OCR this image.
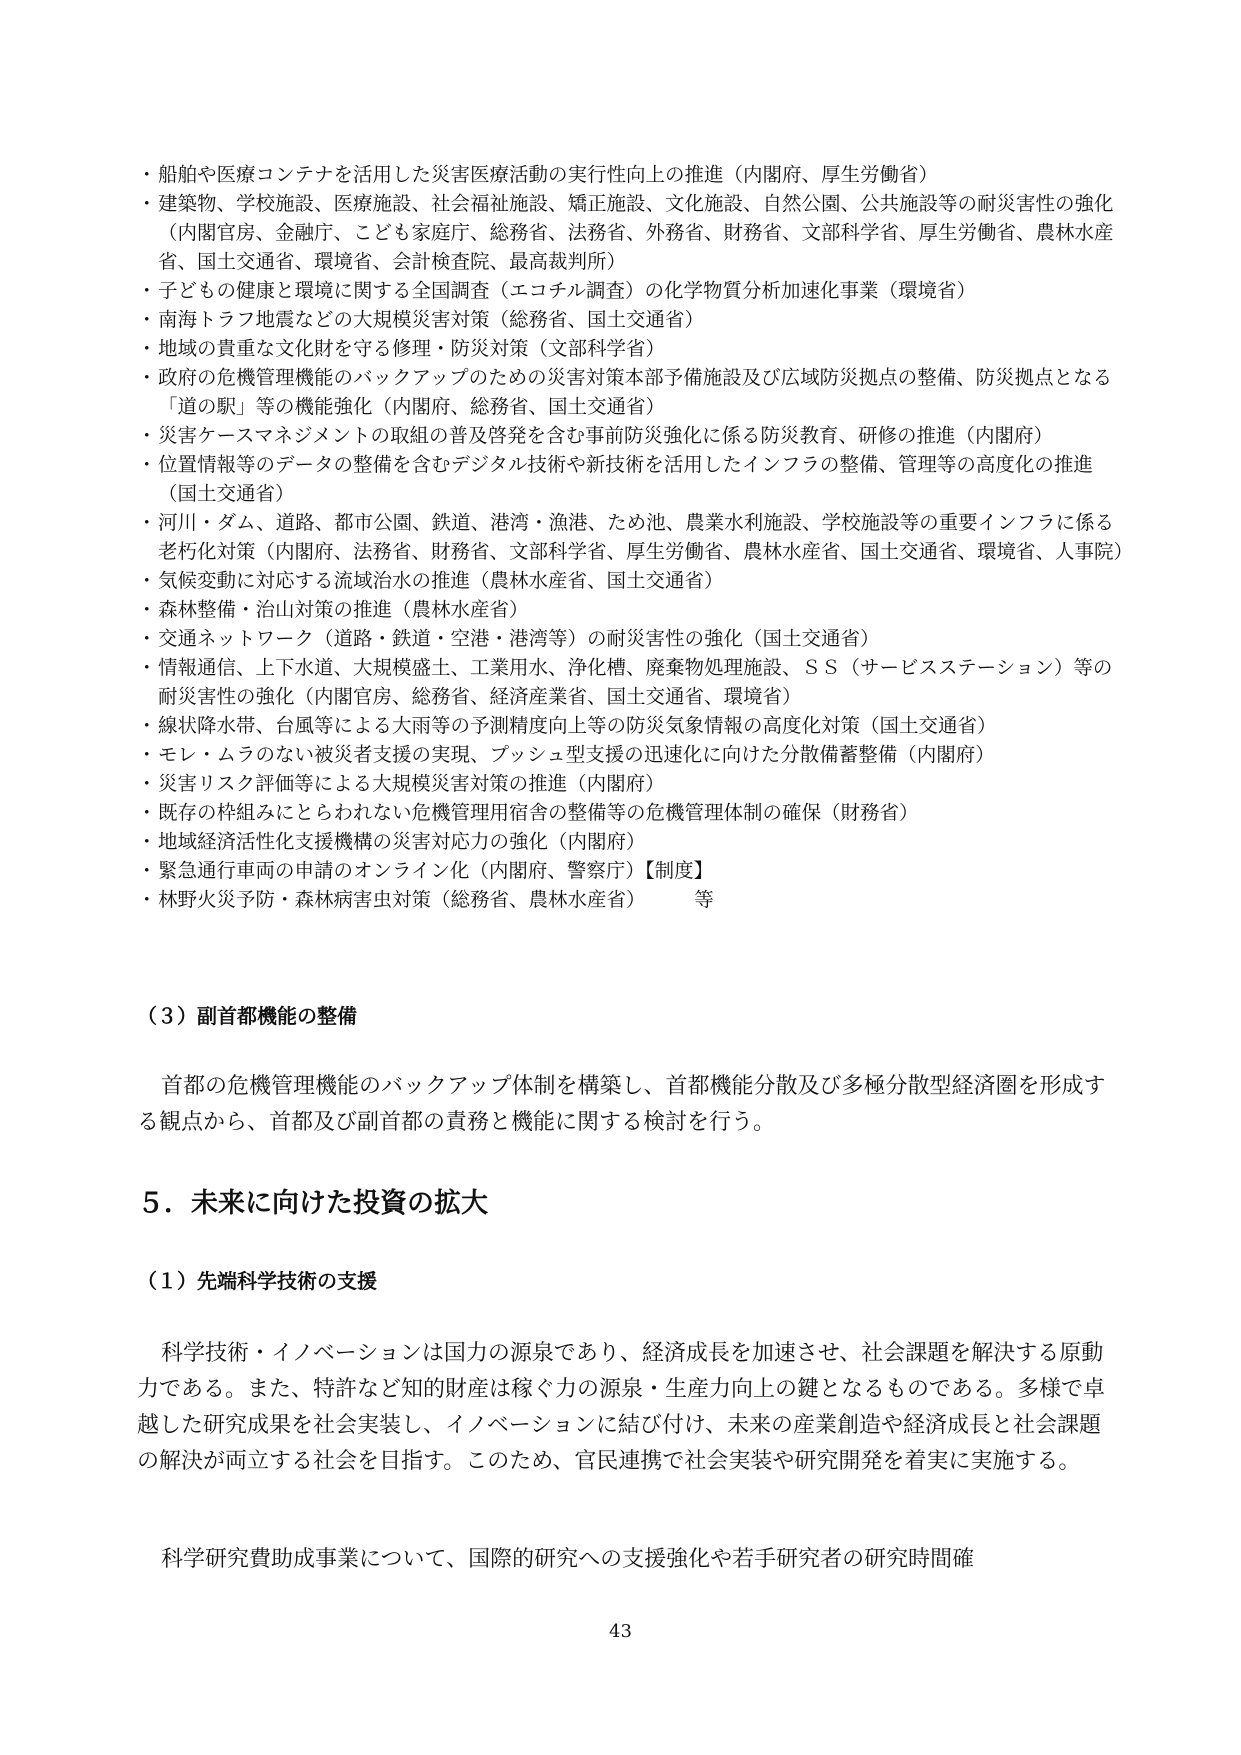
・船舶や医療コンテナを活用した災害医療活動の実行性向上の推進（内閣府、厚生労働省）
・建築物、学校施設、医療施設、社会福祉施設、矯正施設、文化施設、自然公園、公共施設等の耐災害性の強化（内閣官房、金融庁、こども家庭庁、総務省、法務省、外務省、財務省、文部科学省、厚生労働省、農林水産省、国土交通省、環境省、会計検査院、最高裁判所）
・子どもの健康と環境に関する全国調査（エコチル調査）の化学物質分析加速化事業（環境省）
・南海トラフ地震などの大規模災害対策（総務省、国土交通省）
・地域の貴重な文化財を守る修理・防災対策（文部科学省）
・政府の危機管理機能のバックアップのための災害対策本部予備施設及び広域防災拠点の整備、防災拠点となる「道の駅」等の機能強化（内閣府、総務省、国土交通省）
・災害ケースマネジメントの取組の普及啓発を含む事前防災強化に係る防災教育、研修の推進（内閣府）
・位置情報等のデータの整備を含むデジタル技術や新技術を活用したインフラの整備、管理等の高度化の推進（国土交通省）
・河川・ダム、道路、都市公園、鉄道、港湾・漁港、ため池、農業水利施設、学校施設等の重要インフラに係る老朽化対策（内閣府、法務省、財務省、文部科学省、厚生労働省、農林水産省、国土交通省、環境省、人事院）
・気候変動に対応する流域治水の推進（農林水産省、国土交通省）
・森林整備・治山対策の推進（農林水産省）
・交通ネットワーク（道路・鉄道・空港・港湾等）の耐災害性の強化（国土交通省）
・情報通信、上下水道、大規模盛土、工業用水、浄化槽、廃棄物処理施設、ＳＳ（サービスステーション）等の耐災害性の強化（内閣官房、総務省、経済産業省、国土交通省、環境省）
・線状降水帯、台風等による大雨等の予測精度向上等の防災気象情報の高度化対策（国土交通省）
・モレ・ムラのない被災者支援の実現、プッシュ型支援の迅速化に向けた分散備蓄整備（内閣府）
・災害リスク評価等による大規模災害対策の推進（内閣府）
・既存の枠組みにとらわれない危機管理用宿舎の整備等の危機管理体制の確保（財務省）
・地域経済活性化支援機構の災害対応力の強化（内閣府）
・緊急通行車両の申請のオンライン化（内閣府、警察庁）【制度】
・林野火災予防・森林病害虫対策（総務省、農林水産省）　　　等
（３）副首都機能の整備

首都の危機管理機能のバックアップ体制を構築し、首都機能分散及び多極分散型経済圏を形成する観点から、首都及び副首都の責務と機能に関する検討を行う。

５．未来に向けた投資の拡大
（１）先端科学技術の支援

科学技術・イノベーションは国力の源泉であり、経済成長を加速させ、社会課題を解決する原動力である。また、特許など知的財産は稼ぐ力の源泉・生産力向上の鍵となるものである。多様で卓越した研究成果を社会実装し、イノベーションに結び付け、未来の産業創造や経済成長と社会課題の解決が両立する社会を目指す。このため、官民連携で社会実装や研究開発を着実に実施する。

科学研究費助成事業について、国際的研究への支援強化や若手研究者の研究時間確

43
